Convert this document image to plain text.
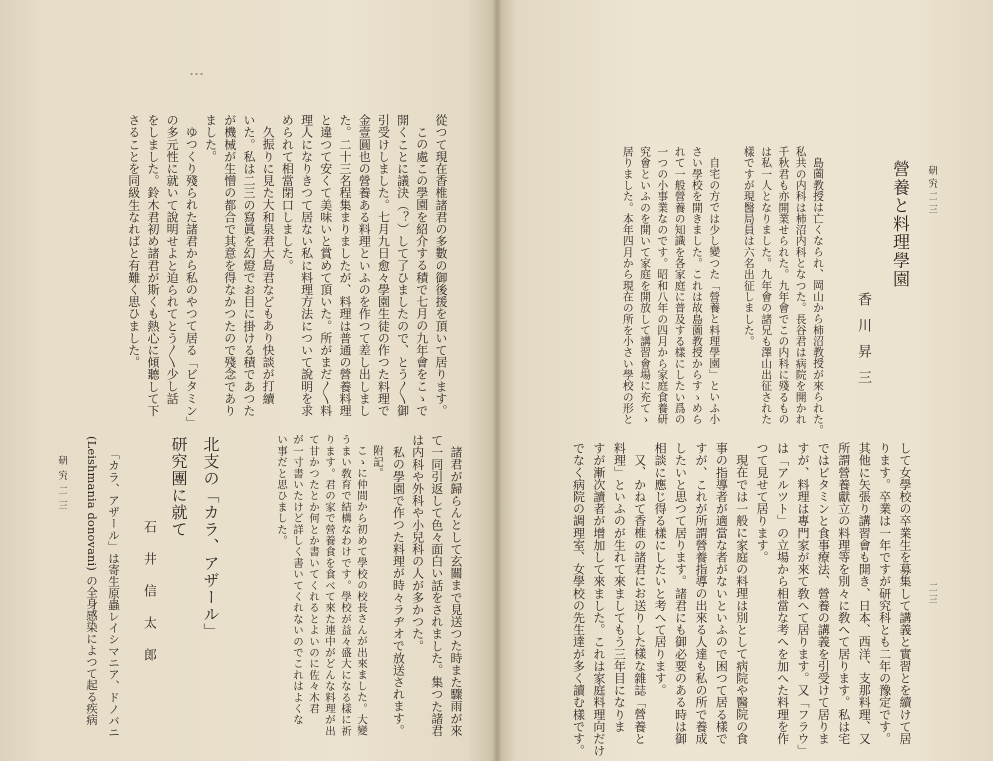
研究二三
二三
營養と料理學園
香川昇三
島薗教授は亡くなられ、岡山から柿沼教授が來られた。
私共の内科は柿沼内科となつた。長谷君は病院を開かれ
千秋君も亦開業せられた。九年會でこの内科に殘るもの
は私一人となりました。九年會の諸兄も澤山出征された
樣ですが現醫局員は六名出征しました。
自宅の方では少し變つた「營養と料理學園」といふ小
さい學校を開きました。これは故島薗教授からすゝめら
れて一般營養の知識を各家庭に普及する樣にしたい爲の
一つの小事業なのです。昭和八年の四月から家庭食養研
究會といふのを開いて家庭を開放して講習會場に充てゝ
居りました。本年四月から現在の所を小さい學校の形と
して女學校の卒業生を募集して講義と實習とを續けて居
ります。卒業は一年ですが研究科とも二年の豫定です。
其他に矢張り講習會も開き、日本、西洋、支那料理、又
所謂營養獻立の料理等を別々に敎へて居ります。私は宅
ではビタミンと食事療法、營養の講義を引受けて居りま
すが、料理は專門家が來て敎へて居ります。又「フラウ」
は「アルツト」の立場から相當な考へを加へた料理を作
つて見せて居ります。
現在では一般に家庭の料理は別として病院や醫院の食
事の指導者が適當な者がないといふので困つて居る樣で
すが、これが所謂營養指導の出來る人達も私の所で養成
したいと思つて居ります。諸君にも御必要のある時は御
相談に應じ得る樣にしたいと考へて居ります。
又、かねて香椎の諸君にお送りした樣な雜誌「營養と
料理」といふのが生れて來ましてもう三年目になりま
すが漸次讀者が增加して來ました。これは家庭料理向だけ
でなく病院の調理室、女學校の先生達が多く讀む樣です。
從つて現在香椎諸君の多數の御後援を頂いて居ります。
この處この學園を紹介する積で七月の九年會をこゝで
開くことに議決（？）して了ひましたので、とう〳〵御
引受けしました。七月九日愈々學園生徒の作つた料理で
金壹圓也の營養ある料理といふのを作つて差し出しまし
た。二十三名程集まりましたが、料理は普通の營養料理
と違つて安くて美味いと賞めて頂いた。所がまだ〳〵料
理人になりきつて居ない私に料理方法について說明を求
められて相當閉口しました。
久振りに見た大和泉君大島君などもあり快談が打續
いた。私は二三の寫眞を幻燈でお目に掛ける積であつた
が機械が生憎の都合で其意を得なかつたので殘念であり
ました。
ゆつくり殘られた諸君から私のやつて居る「ビタミン」
の多元性に就いて說明せよと迫られてとう〳〵少し話
をしました。鈴木君初め諸君が斯くも熱心に傾聽して下
さることを同級生なればと有難く思ひました。
諸君が歸らんとして玄關まで見送つた時また驟雨が來
て一同引返して色々面白い話をされました。集つた諸君
は内科や外科や小兒科の人が多かつた。
私の學園で作つた料理が時々ラヂオで放送されます。
附記。
こゝに仲間から初めて學校の校長さんが出來ました。大變
うまい敎育で結構なわけです。學校が益々盛大になる樣に祈
ります。君の家で營養食を食べて來た連中がどんな料理が出
て甘かつたとか何とか書いてくれるとよいのに佐々木君
が一寸書いたけど詳しく書いてくれないのでこれはよくな
い事だと思ひました。
北支の「カラ、アザール」
研究團に就て
石井信太郎
「カラ、アザール」は寄生原蟲レイシマニア、ドノバニ
(Leishmania donovani) の全身感染によつて起る疾病
研究二三
